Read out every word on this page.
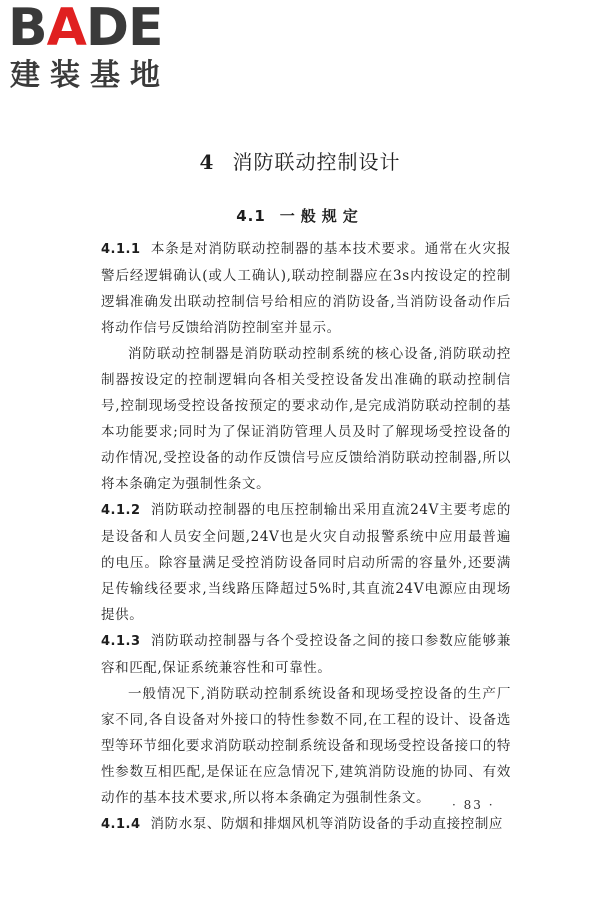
BADE
建装基地
4 消防联动控制设计
4.1 一般规定

4.1.1 本条是对消防联动控制器的基本技术要求。通常在火灾报警后经逻辑确认(或人工确认),联动控制器应在3s内按设定的控制逻辑准确发出联动控制信号给相应的消防设备,当消防设备动作后将动作信号反馈给消防控制室并显示。

消防联动控制器是消防联动控制系统的核心设备,消防联动控制器按设定的控制逻辑向各相关受控设备发出准确的联动控制信号,控制现场受控设备按预定的要求动作,是完成消防联动控制的基本功能要求;同时为了保证消防管理人员及时了解现场受控设备的动作情况,受控设备的动作反馈信号应反馈给消防联动控制器,所以将本条确定为强制性条文。

4.1.2 消防联动控制器的电压控制输出采用直流24V主要考虑的是设备和人员安全问题,24V也是火灾自动报警系统中应用最普遍的电压。除容量满足受控消防设备同时启动所需的容量外,还要满足传输线径要求,当线路压降超过5%时,其直流24V电源应由现场提供。

4.1.3 消防联动控制器与各个受控设备之间的接口参数应能够兼容和匹配,保证系统兼容性和可靠性。

一般情况下,消防联动控制系统设备和现场受控设备的生产厂家不同,各自设备对外接口的特性参数不同,在工程的设计、设备选型等环节细化要求消防联动控制系统设备和现场受控设备接口的特性参数互相匹配,是保证在应急情况下,建筑消防设施的协同、有效动作的基本技术要求,所以将本条确定为强制性条文。

4.1.4 消防水泵、防烟和排烟风机等消防设备的手动直接控制应

· 83 ·
